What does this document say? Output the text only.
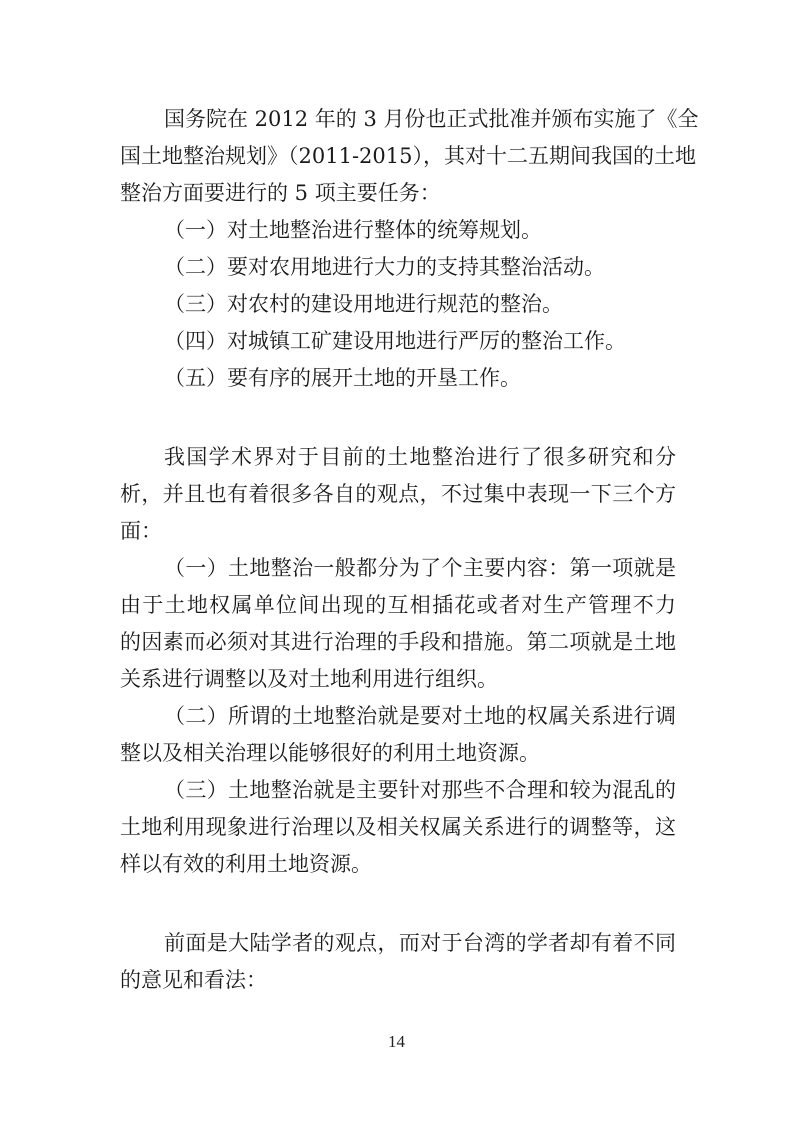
国务院在 2012 年的 3 月份也正式批准并颁布实施了《全
国土地整治规划》（2011-2015），其对十二五期间我国的土地
整治方面要进行的 5 项主要任务：
（一）对土地整治进行整体的统筹规划。
（二）要对农用地进行大力的支持其整治活动。
（三）对农村的建设用地进行规范的整治。
（四）对城镇工矿建设用地进行严厉的整治工作。
（五）要有序的展开土地的开垦工作。
我国学术界对于目前的土地整治进行了很多研究和分
析，并且也有着很多各自的观点，不过集中表现一下三个方
面：
（一）土地整治一般都分为了个主要内容：第一项就是
由于土地权属单位间出现的互相插花或者对生产管理不力
的因素而必须对其进行治理的手段和措施。第二项就是土地
关系进行调整以及对土地利用进行组织。
（二）所谓的土地整治就是要对土地的权属关系进行调
整以及相关治理以能够很好的利用土地资源。
（三）土地整治就是主要针对那些不合理和较为混乱的
土地利用现象进行治理以及相关权属关系进行的调整等，这
样以有效的利用土地资源。
前面是大陆学者的观点，而对于台湾的学者却有着不同
的意见和看法：
14
